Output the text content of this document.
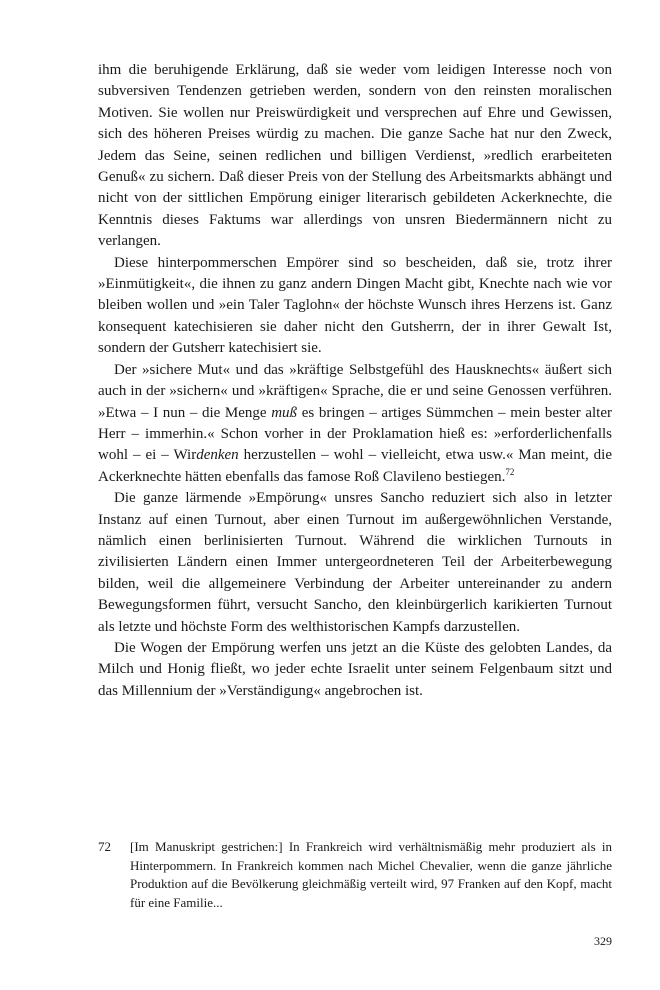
ihm die beruhigende Erklärung, daß sie weder vom leidigen Interesse noch von subversiven Tendenzen getrieben werden, sondern von den reinsten moralischen Motiven. Sie wollen nur Preiswürdigkeit und versprechen auf Ehre und Gewissen, sich des höheren Preises würdig zu machen. Die ganze Sache hat nur den Zweck, Jedem das Seine, seinen redlichen und billigen Verdienst, »redlich erarbeiteten Genuß« zu sichern. Daß dieser Preis von der Stellung des Arbeitsmarkts abhängt und nicht von der sittlichen Empörung einiger literarisch gebildeten Ackerknechte, die Kenntnis dieses Faktums war allerdings von unsren Biedermännern nicht zu verlangen.

Diese hinterpommerschen Empörer sind so bescheiden, daß sie, trotz ihrer »Einmütigkeit«, die ihnen zu ganz andern Dingen Macht gibt, Knechte nach wie vor bleiben wollen und »ein Taler Taglohn« der höchste Wunsch ihres Herzens ist. Ganz konsequent katechisieren sie daher nicht den Gutsherrn, der in ihrer Gewalt Ist, sondern der Gutsherr katechisiert sie.

Der »sichere Mut« und das »kräftige Selbstgefühl des Hausknechts« äußert sich auch in der »sichern« und »kräftigen« Sprache, die er und seine Genossen verführen. »Etwa – I nun – die Menge muß es bringen – artiges Sümmchen – mein bester alter Herr – immerhin.« Schon vorher in der Proklamation hieß es: »erforderlichenfalls wohl – ei – Wirdenken herzustellen – wohl – vielleicht, etwa usw.« Man meint, die Ackerknechte hätten ebenfalls das famose Roß Clavileno bestiegen.$^{72}$

Die ganze lärmende »Empörung« unsres Sancho reduziert sich also in letzter Instanz auf einen Turnout, aber einen Turnout im außergewöhnlichen Verstande, nämlich einen berlinisierten Turnout. Während die wirklichen Turnouts in zivilisierten Ländern einen Immer untergeordneteren Teil der Arbeiterbewegung bilden, weil die allgemeinere Verbindung der Arbeiter untereinander zu andern Bewegungsformen führt, versucht Sancho, den kleinbürgerlich karikierten Turnout als letzte und höchste Form des welthistorischen Kampfs darzustellen.

Die Wogen der Empörung werfen uns jetzt an die Küste des gelobten Landes, da Milch und Honig fließt, wo jeder echte Israelit unter seinem Felgenbaum sitzt und das Millennium der »Verständigung« angebrochen ist.

72	[Im Manuskript gestrichen:] In Frankreich wird verhältnismäßig mehr produziert als in Hinterpommern. In Frankreich kommen nach Michel Chevalier, wenn die ganze jährliche Produktion auf die Bevölkerung gleichmäßig verteilt wird, 97 Franken auf den Kopf, macht für eine Familie...
329
